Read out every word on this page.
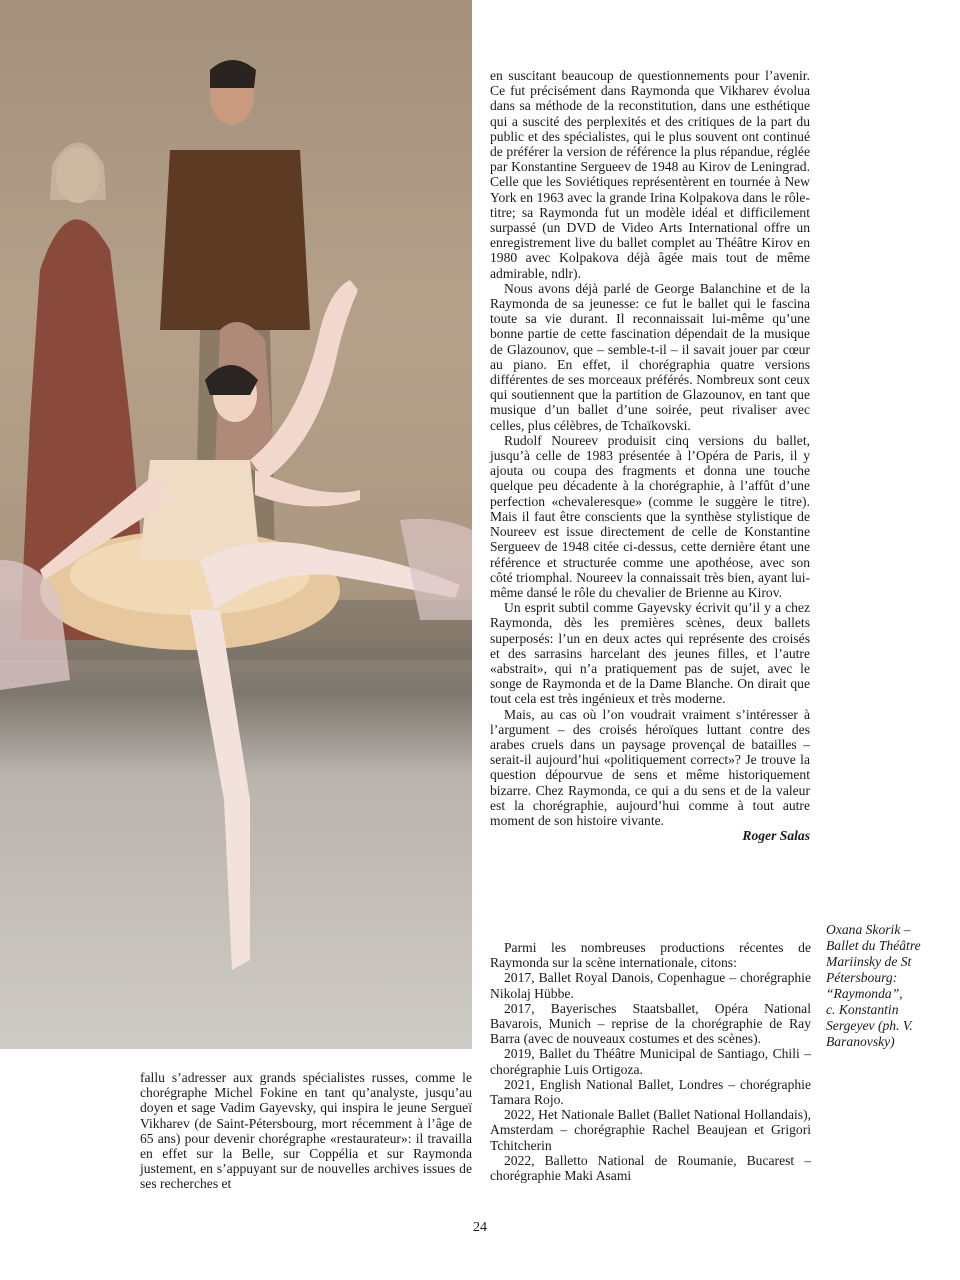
en suscitant beaucoup de questionnements pour l’avenir. Ce fut précisément dans Raymonda que Vikharev évolua dans sa méthode de la reconstitution, dans une esthétique qui a suscité des perplexités et des critiques de la part du public et des spécialistes, qui le plus souvent ont continué de préférer la version de référence la plus répandue, réglée par Konstantine Sergueev de 1948 au Kirov de Leningrad. Celle que les Soviétiques représentèrent en tournée à New York en 1963 avec la grande Irina Kolpakova dans le rôle-titre; sa Raymonda fut un modèle idéal et difficilement surpassé (un DVD de Video Arts International offre un enregistrement live du ballet complet au Théâtre Kirov en 1980 avec Kolpakova déjà âgée mais tout de même admirable, ndlr).

Nous avons déjà parlé de George Balanchine et de la Raymonda de sa jeunesse: ce fut le ballet qui le fascina toute sa vie durant. Il reconnaissait lui-même qu’une bonne partie de cette fascination dépendait de la musique de Glazounov, que – semble-t-il – il savait jouer par cœur au piano. En effet, il chorégraphia quatre versions différentes de ses morceaux préférés. Nombreux sont ceux qui soutiennent que la partition de Glazounov, en tant que musique d’un ballet d’une soirée, peut rivaliser avec celles, plus célèbres, de Tchaïkovski.

Rudolf Noureev produisit cinq versions du ballet, jusqu’à celle de 1983 présentée à l’Opéra de Paris, il y ajouta ou coupa des fragments et donna une touche quelque peu décadente à la chorégraphie, à l’affût d’une perfection «chevaleresque» (comme le suggère le titre). Mais il faut être conscients que la synthèse stylistique de Noureev est issue directement de celle de Konstantine Sergueev de 1948 citée ci-dessus, cette dernière étant une référence et structurée comme une apothéose, avec son côté triomphal. Noureev la connaissait très bien, ayant lui-même dansé le rôle du chevalier de Brienne au Kirov.

Un esprit subtil comme Gayevsky écrivit qu’il y a chez Raymonda, dès les premières scènes, deux ballets superposés: l’un en deux actes qui représente des croisés et des sarrasins harcelant des jeunes filles, et l’autre «abstrait», qui n’a pratiquement pas de sujet, avec le songe de Raymonda et de la Dame Blanche. On dirait que tout cela est très ingénieux et très moderne.

Mais, au cas où l’on voudrait vraiment s’intéresser à l’argument – des croisés héroïques luttant contre des arabes cruels dans un paysage provençal de batailles – serait-il aujourd’hui «politiquement correct»? Je trouve la question dépourvue de sens et même historiquement bizarre. Chez Raymonda, ce qui a du sens et de la valeur est la chorégraphie, aujourd’hui comme à tout autre moment de son histoire vivante.

Roger Salas

fallu s’adresser aux grands spécialistes russes, comme le chorégraphe Michel Fokine en tant qu’analyste, jusqu’au doyen et sage Vadim Gayevsky, qui inspira le jeune Sergueï Vikharev (de Saint-Pétersbourg, mort récemment à l’âge de 65 ans) pour devenir chorégraphe «restaurateur»: il travailla en effet sur la Belle, sur Coppélia et sur Raymonda justement, en s’appuyant sur de nouvelles archives issues de ses recherches et

Parmi les nombreuses productions récentes de Raymonda sur la scène internationale, citons:

2017, Ballet Royal Danois, Copenhague – chorégraphie Nikolaj Hübbe.

2017, Bayerisches Staatsballet, Opéra National Bavarois, Munich – reprise de la chorégraphie de Ray Barra (avec de nouveaux costumes et des scènes).

2019, Ballet du Théâtre Municipal de Santiago, Chili – chorégraphie Luis Ortigoza.

2021, English National Ballet, Londres – chorégraphie Tamara Rojo.

2022, Het Nationale Ballet (Ballet National Hollandais), Amsterdam – chorégraphie Rachel Beaujean et Grigori Tchitcherin

2022, Balletto National de Roumanie, Bucarest – chorégraphie Maki Asami

Oxana Skorik –
Ballet du Théâtre
Mariinsky de St
Pétersbourg:
“Raymonda”,
c. Konstantin
Sergeyev (ph. V.
Baranovsky)
24
